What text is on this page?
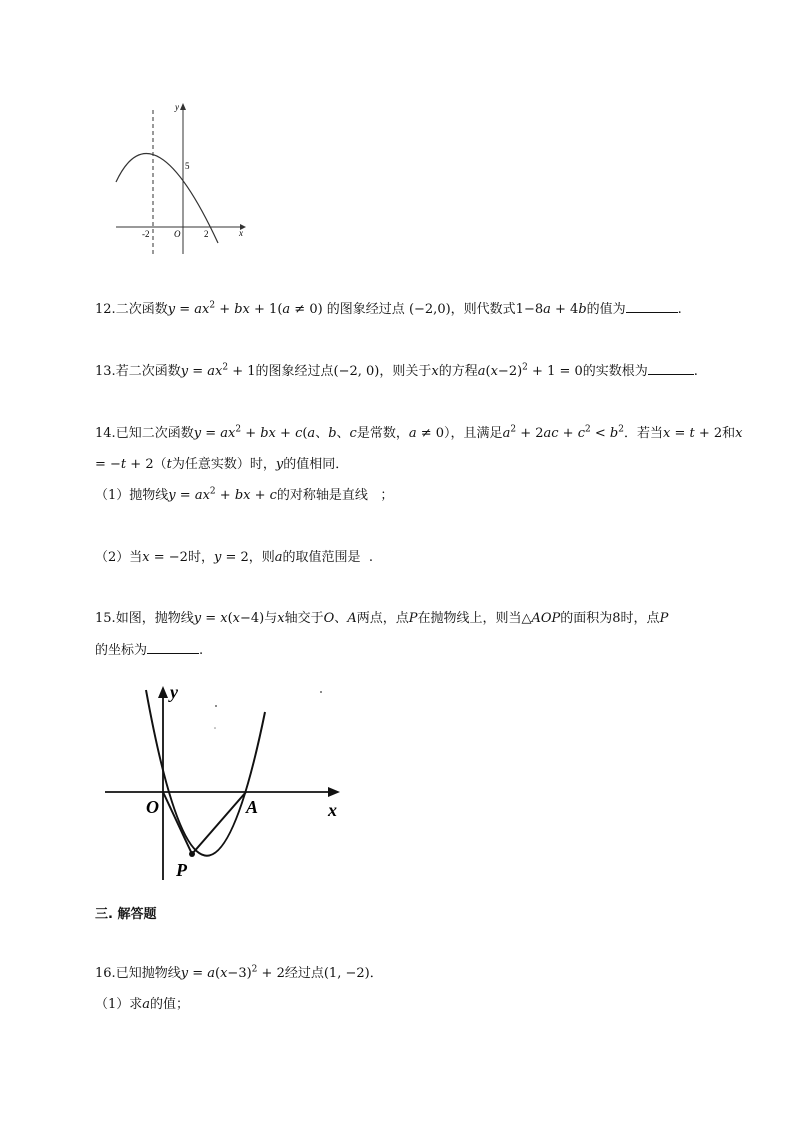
y
x
O
-2	2
5
12.二次函数$y = ax^2$ + bx + 1(a ≠ 0) 的图象经过点 (−2,0)，则代数式1−8a + 4b的值为	.
13.若二次函数$y = ax^2 + 1$的图象经过点(−2, 0)，则关于x的方程$a(x-2)^2 + 1 = 0$的实数根为	.
14.已知二次函数$y = ax^2$ + bx + c(a、b、c是常数，a ≠ 0），且满足$a^2 + 2ac + c^2 < b^2$．若当x = t + 2和x
= −t + 2（t为任意实数）时，y的值相同．
（1）抛物线$y = ax^2$ + bx + c的对称轴是直线 ；
（2）当x = −2时，y = 2，则a的取值范围是 .
15.如图，抛物线y = x(x−4)与x轴交于O、A两点，点P在抛物线上，则当△AOP的面积为8时，点P
的坐标为	.
y
x
O	A
P
三. 解答题
16.已知抛物线$y = a(x-3)^2 + 2$经过点(1, −2)．
（1）求a的值；
